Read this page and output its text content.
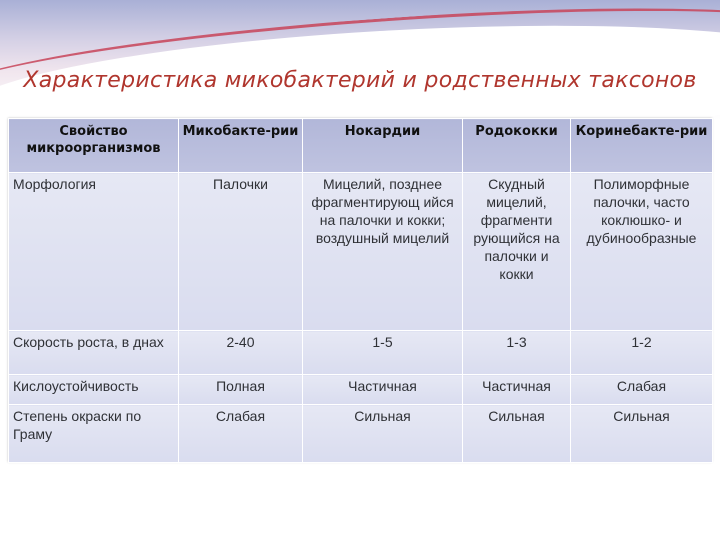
Характеристика микобактерий и родственных таксонов
Свойство микроорганизмов	Микобакте-рии	Нокардии	Родококки	Коринебакте-рии
Морфология	Палочки	Мицелий, позднее фрагментирующ ийся на палочки и кокки; воздушный мицелий	Скудный мицелий, фрагменти рующийся на палочки и кокки	Полиморфные палочки, часто коклюшко- и дубинообразные
Скорость роста, в днах	2-40	1-5	1-3	1-2
Кислоустойчивость	Полная	Частичная	Частичная	Слабая
Степень окраски по Граму	Слабая	Сильная	Сильная	Сильная
